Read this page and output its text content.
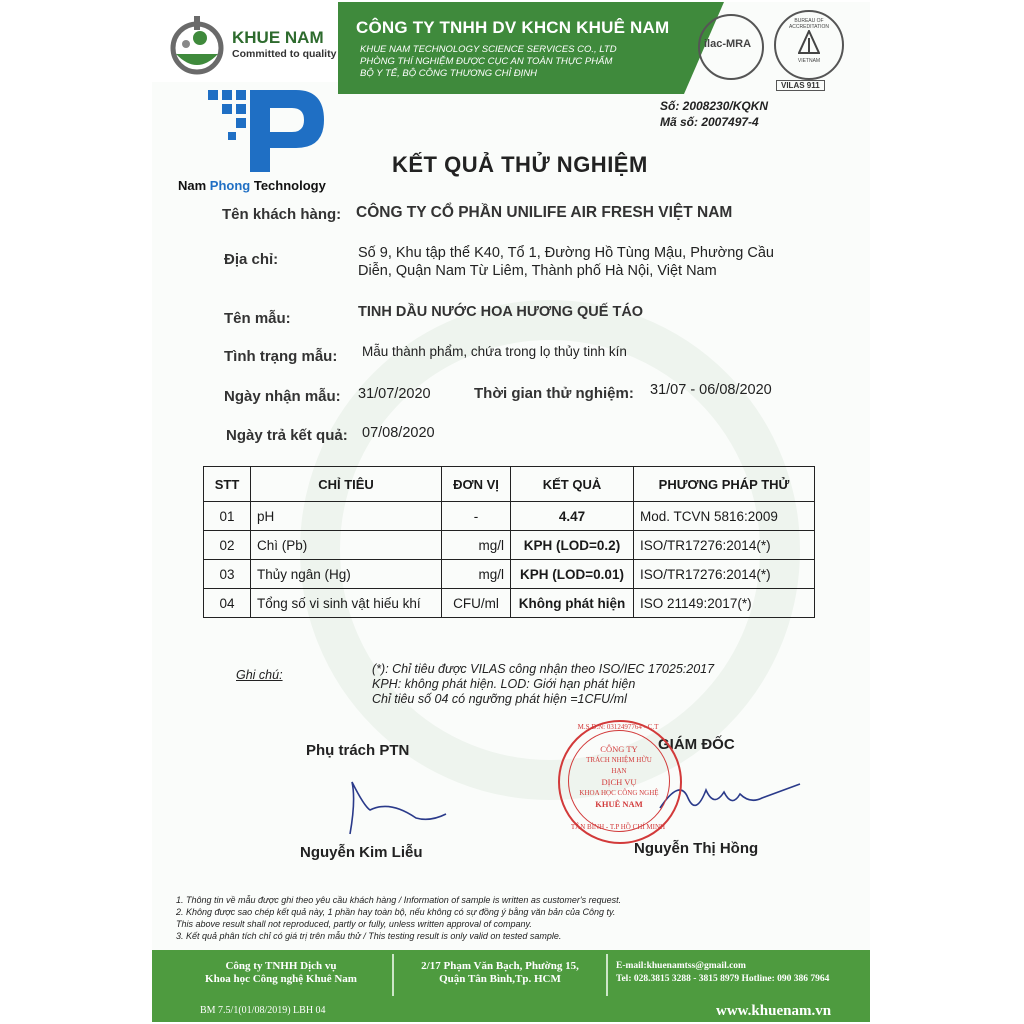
KHUE NAM
Committed to quality
CÔNG TY TNHH DV KHCN KHUÊ NAM
KHUE NAM TECHNOLOGY SCIENCE SERVICES CO., LTD
PHÒNG THÍ NGHIỆM ĐƯỢC CỤC AN TOÀN THỰC PHẨM
BỘ Y TẾ, BỘ CÔNG THƯƠNG CHỈ ĐỊNH
ilac-MRA
BUREAU OF ACCREDITATION
VIETNAM
VILAS 911
Số: 2008230/KQKN
Mã số: 2007497-4
Nam Phong Technology
KẾT QUẢ THỬ NGHIỆM
Tên khách hàng: CÔNG TY CỔ PHẦN UNILIFE AIR FRESH VIỆT NAM
Địa chỉ:	Số 9, Khu tập thể K40, Tổ 1, Đường Hồ Tùng Mậu, Phường Cầu
Diễn, Quận Nam Từ Liêm, Thành phố Hà Nội, Việt Nam
Tên mẫu:	TINH DẦU NƯỚC HOA HƯƠNG QUẾ TÁO
Tình trạng mẫu: Mẫu thành phẩm, chứa trong lọ thủy tinh kín
Ngày nhận mẫu: 31/07/2020	Thời gian thử nghiệm: 31/07 - 06/08/2020
Ngày trả kết quả: 07/08/2020
STT	CHỈ TIÊU	ĐƠN VỊ	KẾT QUẢ	PHƯƠNG PHÁP THỬ
01	pH	-	4.47	Mod. TCVN 5816:2009
02	Chì (Pb)	mg/l	KPH (LOD=0.2)	ISO/TR17276:2014(*)
03	Thủy ngân (Hg)	mg/l	KPH (LOD=0.01)	ISO/TR17276:2014(*)
04	Tổng số vi sinh vật hiếu khí	CFU/ml	Không phát hiện	ISO 21149:2017(*)
Ghi chú:	(*): Chỉ tiêu được VILAS công nhận theo ISO/IEC 17025:2017
KPH: không phát hiện. LOD: Giới hạn phát hiện
Chỉ tiêu số 04 có ngưỡng phát hiện =1CFU/ml
Phụ trách PTN
Nguyễn Kim Liễu
GIÁM ĐỐC
Nguyễn Thị Hồng
M.S.D.N: 0312497764 - C.T
CÔNG TY
TRÁCH NHIỆM HỮU HẠN
DỊCH VỤ
KHOA HỌC CÔNG NGHỆ
KHUÊ NAM
TÂN BÌNH - T.P HỒ CHÍ MINH
1. Thông tin về mẫu được ghi theo yêu cầu khách hàng / Information of sample is written as customer's request.
2. Không được sao chép kết quả này, 1 phần hay toàn bộ, nếu không có sự đồng ý bằng văn bản của Công ty.
This above result shall not reproduced, partly or fully, unless written approval of company.
3. Kết quả phân tích chỉ có giá trị trên mẫu thử / This testing result is only valid on tested sample.
Công ty TNHH Dịch vụ
Khoa học Công nghệ Khuê Nam
2/17 Phạm Văn Bạch, Phường 15,
Quận Tân Bình,Tp. HCM
E-mail:khuenamtss@gmail.com
Tel: 028.3815 3288 - 3815 8979 Hotline: 090 386 7964
BM 7.5/1(01/08/2019) LBH 04	www.khuenam.vn
